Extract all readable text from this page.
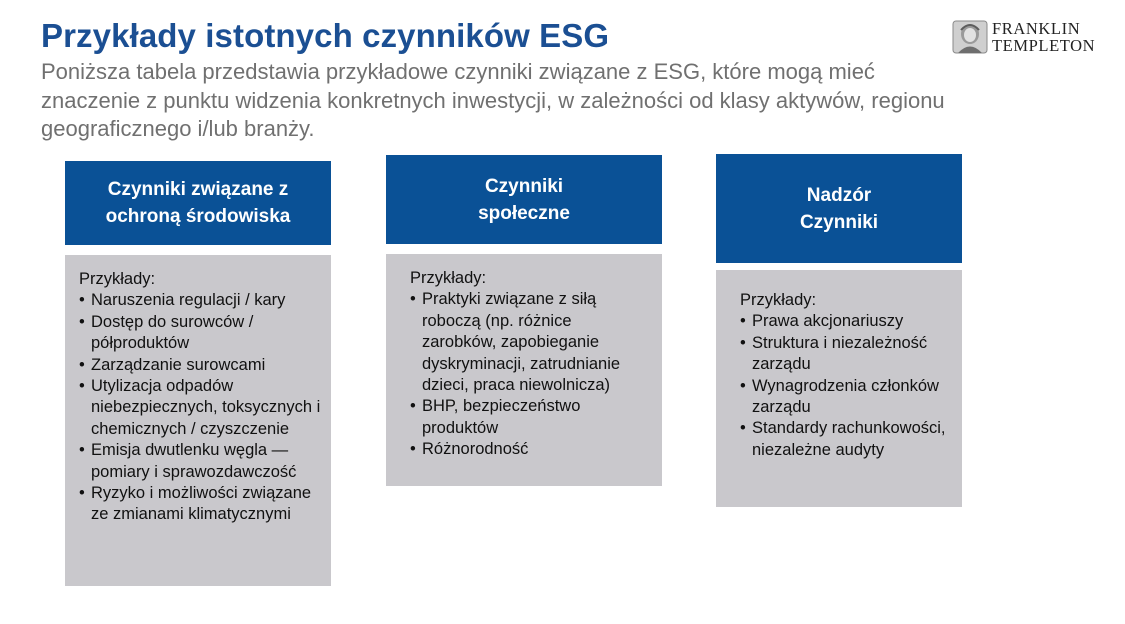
Przykłady istotnych czynników ESG

Poniższa tabela przedstawia przykładowe czynniki związane z ESG, które mogą mieć znaczenie z punktu widzenia konkretnych inwestycji, w zależności od klasy aktywów, regionu geograficznego i/lub branży.

FRANKLIN
TEMPLETON
Czynniki związane z
ochroną środowiska
Przykłady:
• Naruszenia regulacji / kary
• Dostęp do surowców / półproduktów
• Zarządzanie surowcami
• Utylizacja odpadów niebezpiecznych, toksycznych i chemicznych / czyszczenie
• Emisja dwutlenku węgla — pomiary i sprawozdawczość
• Ryzyko i możliwości związane ze zmianami klimatycznymi
Czynniki
społeczne
Przykłady:
• Praktyki związane z siłą roboczą (np. różnice zarobków, zapobieganie dyskryminacji, zatrudnianie dzieci, praca niewolnicza)
• BHP, bezpieczeństwo produktów
• Różnorodność
Nadzór
Czynniki
Przykłady:
• Prawa akcjonariuszy
• Struktura i niezależność zarządu
• Wynagrodzenia członków zarządu
• Standardy rachunkowości, niezależne audyty
